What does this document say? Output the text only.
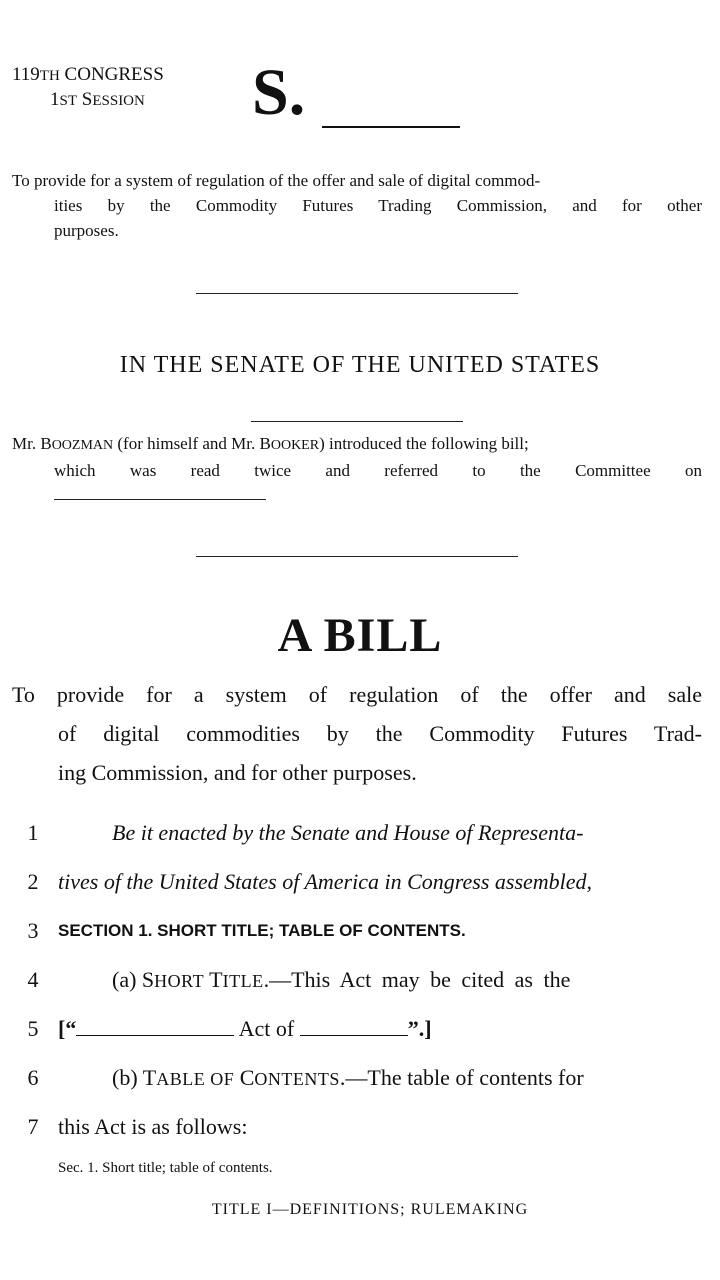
119TH CONGRESS
1ST SESSION S.
To provide for a system of regulation of the offer and sale of digital commod-
ities by the Commodity Futures Trading Commission, and for other
purposes.
IN THE SENATE OF THE UNITED STATES
Mr. BOOZMAN (for himself and Mr. BOOKER) introduced the following bill;
which was read twice and referred to the Committee on
A BILL
To provide for a system of regulation of the offer and sale
of digital commodities by the Commodity Futures Trad-
ing Commission, and for other purposes.
1	Be it enacted by the Senate and House of Representa-
2 tives of the United States of America in Congress assembled,
3	SECTION 1. SHORT TITLE; TABLE OF CONTENTS.
4	(a) SHORT TITLE.—This Act may be cited as the
5 [“	Act of	”.]
6	(b) TABLE OF CONTENTS.—The table of contents for
7 this Act is as follows:
Sec. 1. Short title; table of contents.
TITLE I—DEFINITIONS; RULEMAKING
